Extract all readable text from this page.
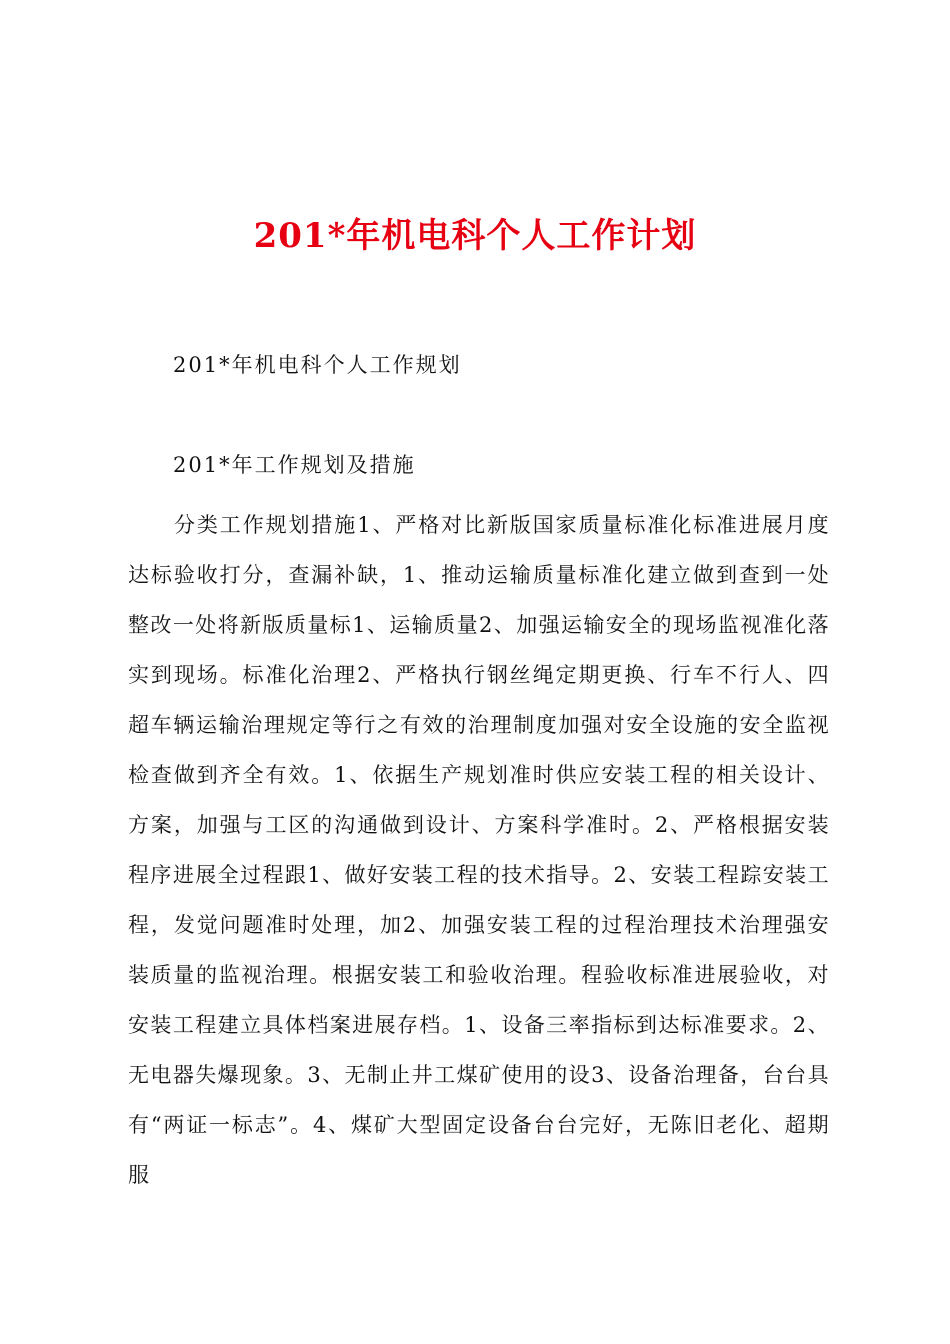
201*年机电科个人工作计划

201*年机电科个人工作规划

201*年工作规划及措施

分类工作规划措施1、严格对比新版国家质量标准化标准进展月度达标验收打分，查漏补缺，1、推动运输质量标准化建立做到查到一处整改一处将新版质量标1、运输质量2、加强运输安全的现场监视准化落实到现场。标准化治理2、严格执行钢丝绳定期更换、行车不行人、四超车辆运输治理规定等行之有效的治理制度加强对安全设施的安全监视检查做到齐全有效。1、依据生产规划准时供应安装工程的相关设计、方案，加强与工区的沟通做到设计、方案科学准时。2、严格根据安装程序进展全过程跟1、做好安装工程的技术指导。2、安装工程踪安装工程，发觉问题准时处理，加2、加强安装工程的过程治理技术治理强安装质量的监视治理。根据安装工和验收治理。程验收标准进展验收，对安装工程建立具体档案进展存档。1、设备三率指标到达标准要求。2、无电器失爆现象。3、无制止井工煤矿使用的设3、设备治理备，台台具有“两证一标志”。4、煤矿大型固定设备台台完好，无陈旧老化、超期服
